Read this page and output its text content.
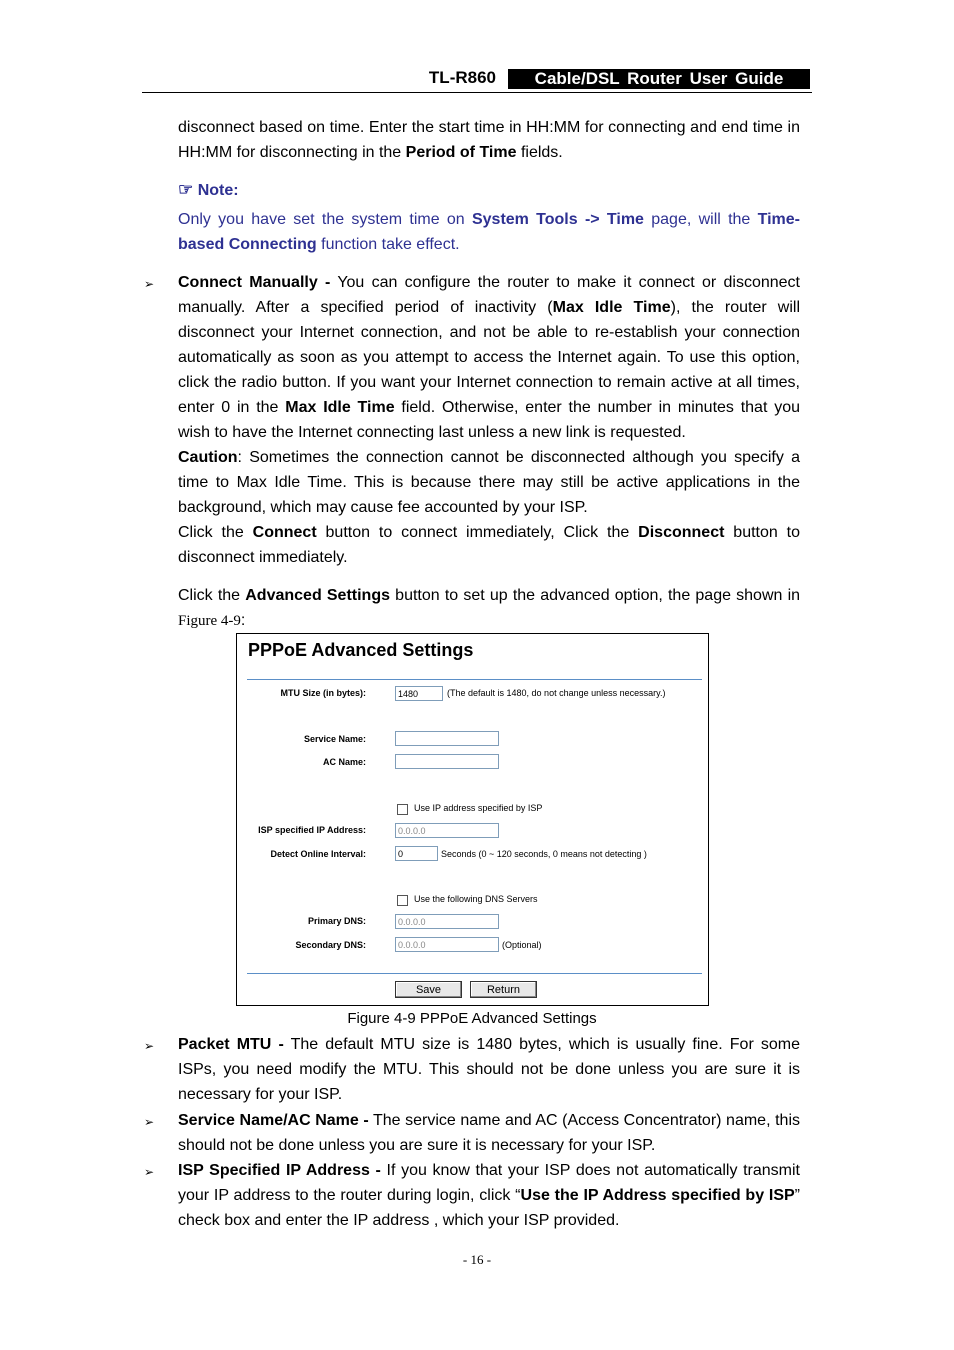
TL-R860	Cable/DSL Router User Guide

disconnect based on time. Enter the start time in HH:MM for connecting and end time in HH:MM for disconnecting in the Period of Time fields.

☞ Note:

Only you have set the system time on System Tools -> Time page, will the Time-based Connecting function take effect.

➢ Connect Manually - You can configure the router to make it connect or disconnect manually. After a specified period of inactivity (Max Idle Time), the router will disconnect your Internet connection, and not be able to re-establish your connection automatically as soon as you attempt to access the Internet again. To use this option, click the radio button. If you want your Internet connection to remain active at all times, enter 0 in the Max Idle Time field. Otherwise, enter the number in minutes that you wish to have the Internet connecting last unless a new link is requested.
Caution: Sometimes the connection cannot be disconnected although you specify a time to Max Idle Time. This is because there may still be active applications in the background, which may cause fee accounted by your ISP.
Click the Connect button to connect immediately, Click the Disconnect button to disconnect immediately.

Click the Advanced Settings button to set up the advanced option, the page shown in Figure 4-9:

PPPoE Advanced Settings
MTU Size (in bytes):	1480	(The default is 1480, do not change unless necessary.)
Service Name:
AC Name:
Use IP address specified by ISP
ISP specified IP Address:	0.0.0.0
Detect Online Interval:	0	Seconds (0 ~ 120 seconds, 0 means not detecting )
Use the following DNS Servers
Primary DNS:	0.0.0.0
Secondary DNS:	0.0.0.0	(Optional)
Save	Return
Figure 4-9 PPPoE Advanced Settings
➢ Packet MTU - The default MTU size is 1480 bytes, which is usually fine. For some ISPs, you need modify the MTU. This should not be done unless you are sure it is necessary for your ISP.

➢ Service Name/AC Name - The service name and AC (Access Concentrator) name, this should not be done unless you are sure it is necessary for your ISP.

➢ ISP Specified IP Address - If you know that your ISP does not automatically transmit your IP address to the router during login, click “Use the IP Address specified by ISP” check box and enter the IP address , which your ISP provided.

- 16 -
